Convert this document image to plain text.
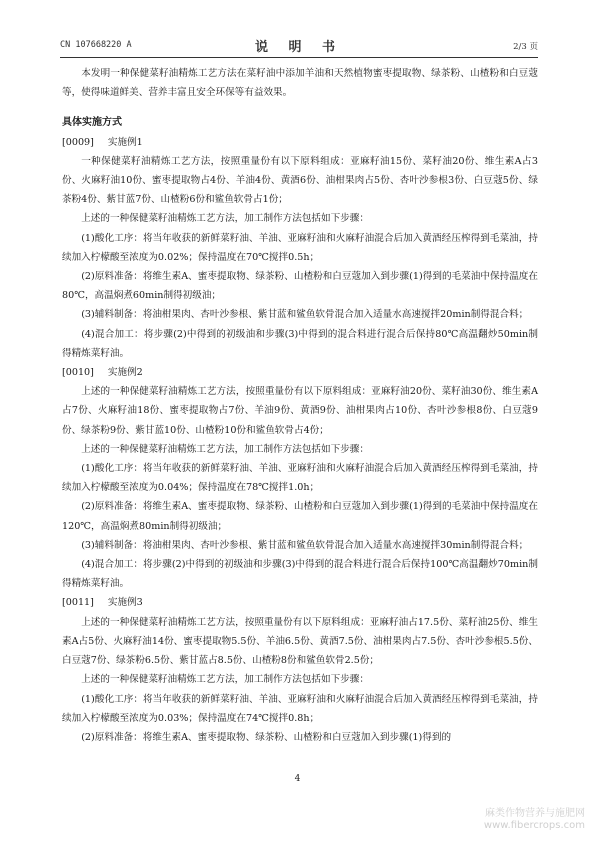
CN 107668220 A	说 明 书	2/3 页

本发明一种保健菜籽油精炼工艺方法在菜籽油中添加羊油和天然植物蜜枣提取物、绿茶粉、山楂粉和白豆蔻等，使得味道鲜美、营养丰富且安全环保等有益效果。

具体实施方式

[0009] 实施例1

一种保健菜籽油精炼工艺方法，按照重量份有以下原料组成：亚麻籽油15份、菜籽油20份、维生素A占3份、火麻籽油10份、蜜枣提取物占4份、羊油4份、黄酒6份、油柑果肉占5份、杏叶沙参根3份、白豆蔻5份、绿茶粉4份、紫甘蓝7份、山楂粉6份和鲨鱼软骨占1份；

上述的一种保健菜籽油精炼工艺方法，加工制作方法包括如下步骤：

(1)酸化工序：将当年收获的新鲜菜籽油、羊油、亚麻籽油和火麻籽油混合后加入黄酒经压榨得到毛菜油，持续加入柠檬酸至浓度为0.02%；保持温度在70℃搅拌0.5h；

(2)原料准备：将维生素A、蜜枣提取物、绿茶粉、山楂粉和白豆蔻加入到步骤(1)得到的毛菜油中保持温度在80℃，高温焖煮60min制得初级油；

(3)辅料制备：将油柑果肉、杏叶沙参根、紫甘蓝和鲨鱼软骨混合加入适量水高速搅拌20min制得混合料；

(4)混合加工：将步骤(2)中得到的初级油和步骤(3)中得到的混合料进行混合后保持80℃高温翻炒50min制得精炼菜籽油。

[0010] 实施例2

上述的一种保健菜籽油精炼工艺方法，按照重量份有以下原料组成：亚麻籽油20份、菜籽油30份、维生素A占7份、火麻籽油18份、蜜枣提取物占7份、羊油9份、黄酒9份、油柑果肉占10份、杏叶沙参根8份、白豆蔻9份、绿茶粉9份、紫甘蓝10份、山楂粉10份和鲨鱼软骨占4份；

上述的一种保健菜籽油精炼工艺方法，加工制作方法包括如下步骤：

(1)酸化工序：将当年收获的新鲜菜籽油、羊油、亚麻籽油和火麻籽油混合后加入黄酒经压榨得到毛菜油，持续加入柠檬酸至浓度为0.04%；保持温度在78℃搅拌1.0h；

(2)原料准备：将维生素A、蜜枣提取物、绿茶粉、山楂粉和白豆蔻加入到步骤(1)得到的毛菜油中保持温度在120℃，高温焖煮80min制得初级油；

(3)辅料制备：将油柑果肉、杏叶沙参根、紫甘蓝和鲨鱼软骨混合加入适量水高速搅拌30min制得混合料；

(4)混合加工：将步骤(2)中得到的初级油和步骤(3)中得到的混合料进行混合后保持100℃高温翻炒70min制得精炼菜籽油。

[0011] 实施例3

上述的一种保健菜籽油精炼工艺方法，按照重量份有以下原料组成：亚麻籽油占17.5份、菜籽油25份、维生素A占5份、火麻籽油14份、蜜枣提取物5.5份、羊油6.5份、黄酒7.5份、油柑果肉占7.5份、杏叶沙参根5.5份、白豆蔻7份、绿茶粉6.5份、紫甘蓝占8.5份、山楂粉8份和鲨鱼软骨2.5份；

上述的一种保健菜籽油精炼工艺方法，加工制作方法包括如下步骤：

(1)酸化工序：将当年收获的新鲜菜籽油、羊油、亚麻籽油和火麻籽油混合后加入黄酒经压榨得到毛菜油，持续加入柠檬酸至浓度为0.03%；保持温度在74℃搅拌0.8h；

(2)原料准备：将维生素A、蜜枣提取物、绿茶粉、山楂粉和白豆蔻加入到步骤(1)得到的

4
麻类作物营养与施肥网
www.fibercrops.com
